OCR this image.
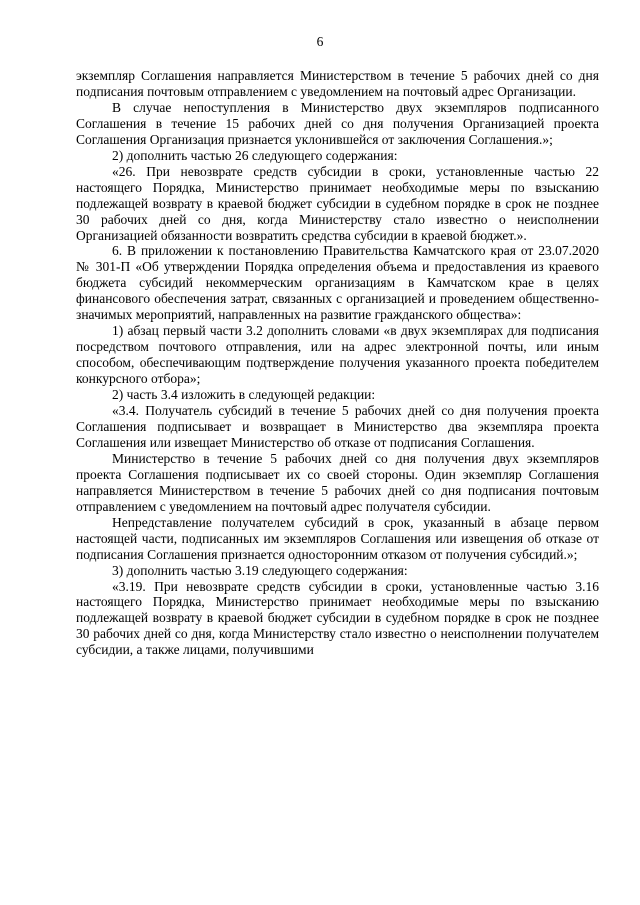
6

экземпляр Соглашения направляется Министерством в течение 5 рабочих дней со дня подписания почтовым отправлением с уведомлением на почтовый адрес Организации.

В случае непоступления в Министерство двух экземпляров подписанного Соглашения в течение 15 рабочих дней со дня получения Организацией проекта Соглашения Организация признается уклонившейся от заключения Соглашения.»;

2) дополнить частью 26 следующего содержания:

«26. При невозврате средств субсидии в сроки, установленные частью 22 настоящего Порядка, Министерство принимает необходимые меры по взысканию подлежащей возврату в краевой бюджет субсидии в судебном порядке в срок не позднее 30 рабочих дней со дня, когда Министерству стало известно о неисполнении Организацией обязанности возвратить средства субсидии в краевой бюджет.».

6. В приложении к постановлению Правительства Камчатского края от 23.07.2020 № 301-П «Об утверждении Порядка определения объема и предоставления из краевого бюджета субсидий некоммерческим организациям в Камчатском крае в целях финансового обеспечения затрат, связанных с организацией и проведением общественно-значимых мероприятий, направленных на развитие гражданского общества»:

1) абзац первый части 3.2 дополнить словами «в двух экземплярах для подписания посредством почтового отправления, или на адрес электронной почты, или иным способом, обеспечивающим подтверждение получения указанного проекта победителем конкурсного отбора»;

2) часть 3.4 изложить в следующей редакции:

«3.4. Получатель субсидий в течение 5 рабочих дней со дня получения проекта Соглашения подписывает и возвращает в Министерство два экземпляра проекта Соглашения или извещает Министерство об отказе от подписания Соглашения.

Министерство в течение 5 рабочих дней со дня получения двух экземпляров проекта Соглашения подписывает их со своей стороны. Один экземпляр Соглашения направляется Министерством в течение 5 рабочих дней со дня подписания почтовым отправлением с уведомлением на почтовый адрес получателя субсидии.

Непредставление получателем субсидий в срок, указанный в абзаце первом настоящей части, подписанных им экземпляров Соглашения или извещения об отказе от подписания Соглашения признается односторонним отказом от получения субсидий.»;

3) дополнить частью 3.19 следующего содержания:

«3.19. При невозврате средств субсидии в сроки, установленные частью 3.16 настоящего Порядка, Министерство принимает необходимые меры по взысканию подлежащей возврату в краевой бюджет субсидии в судебном порядке в срок не позднее 30 рабочих дней со дня, когда Министерству стало известно о неисполнении получателем субсидии, а также лицами, получившими
